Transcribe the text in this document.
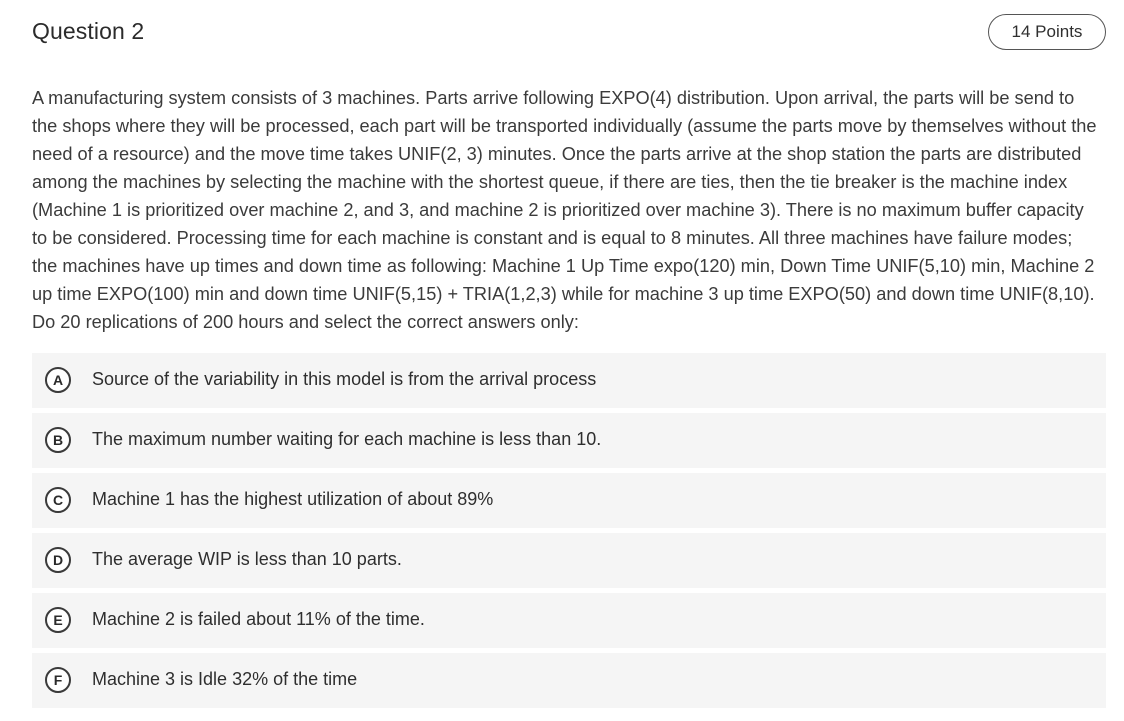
Question 2	14 Points

A manufacturing system consists of 3 machines. Parts arrive following EXPO(4) distribution. Upon arrival, the parts will be send to the shops where they will be processed, each part will be transported individually (assume the parts move by themselves without the need of a resource) and the move time takes UNIF(2, 3) minutes. Once the parts arrive at the shop station the parts are distributed among the machines by selecting the machine with the shortest queue, if there are ties, then the tie breaker is the machine index (Machine 1 is prioritized over machine 2, and 3, and machine 2 is prioritized over machine 3). There is no maximum buffer capacity to be considered. Processing time for each machine is constant and is equal to 8 minutes. All three machines have failure modes; the machines have up times and down time as following: Machine 1 Up Time expo(120) min, Down Time UNIF(5,10) min, Machine 2 up time EXPO(100) min and down time UNIF(5,15) + TRIA(1,2,3) while for machine 3 up time EXPO(50) and down time UNIF(8,10). Do 20 replications of 200 hours and select the correct answers only:

A	Source of the variability in this model is from the arrival process
B	The maximum number waiting for each machine is less than 10.
C	Machine 1 has the highest utilization of about 89%
D	The average WIP is less than 10 parts.
E	Machine 2 is failed about 11% of the time.
F	Machine 3 is Idle 32% of the time
